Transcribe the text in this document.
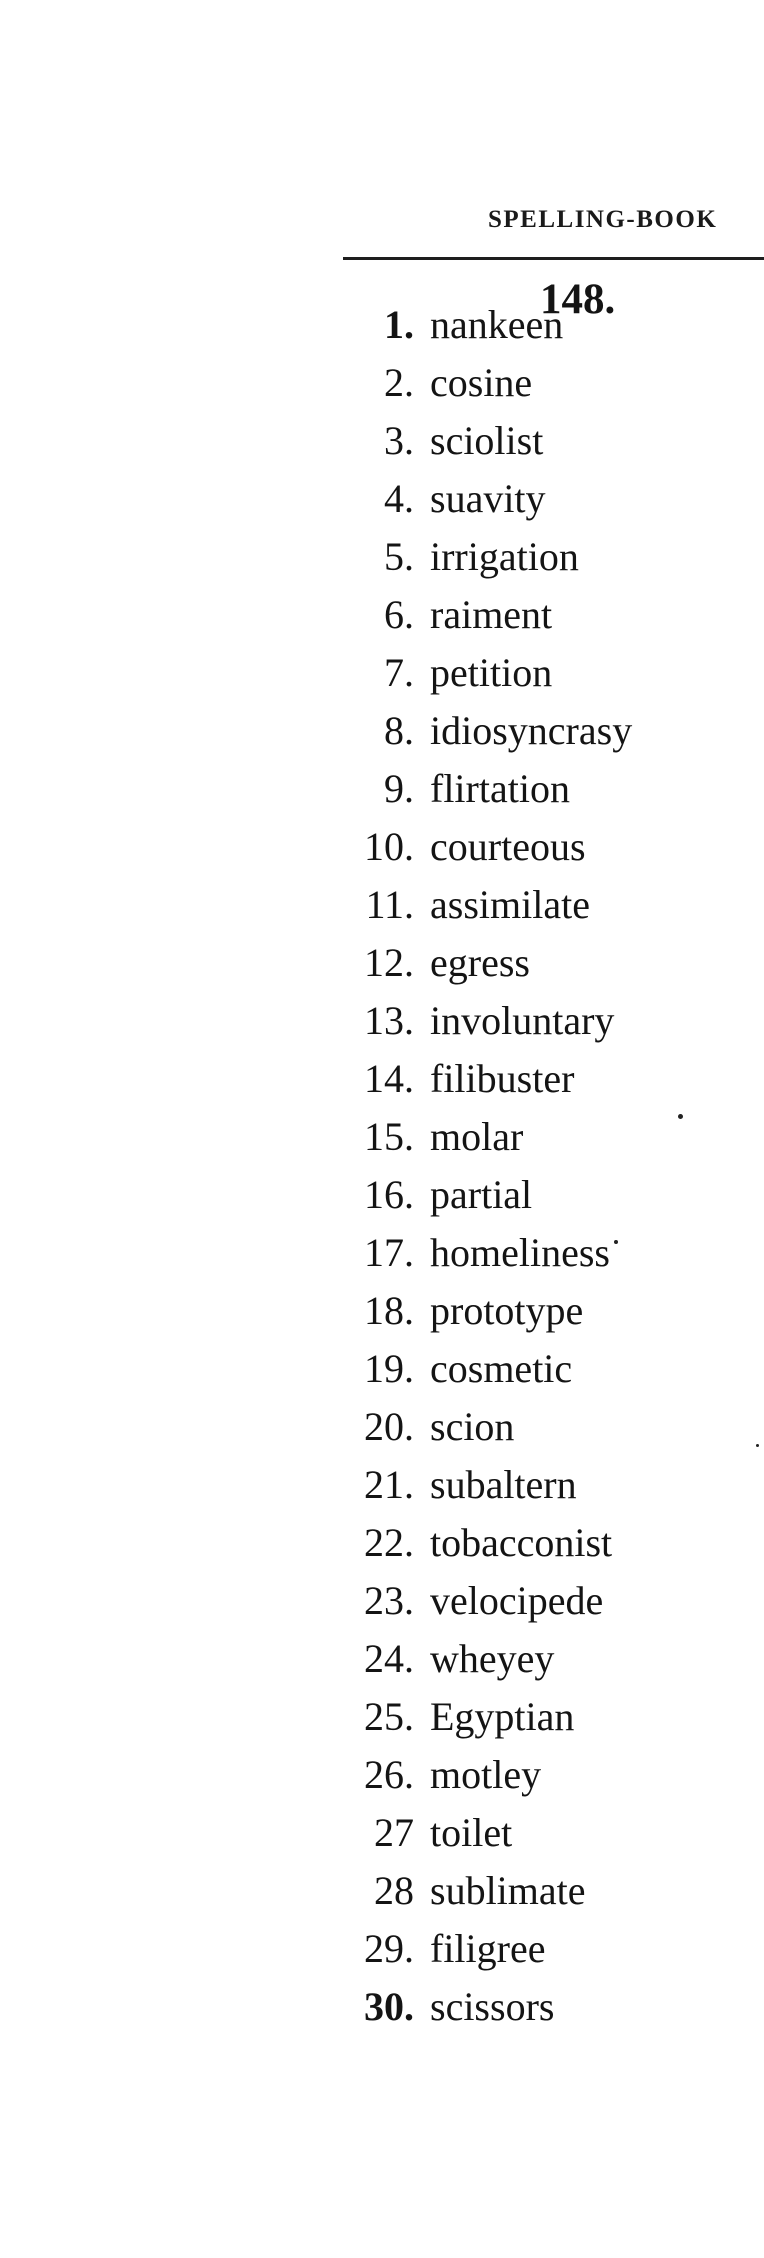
SPELLING-BOOK
148.
1. nankeen
2. cosine
3. sciolist
4. suavity
5. irrigation
6. raiment
7. petition
8. idiosyncrasy
9. flirtation
10. courteous
11. assimilate
12. egress
13. involuntary
14. filibuster
15. molar
16. partial
17. homeliness
18. prototype
19. cosmetic
20. scion
21. subaltern
22. tobacconist
23. velocipede
24. wheyey
25. Egyptian
26. motley
27 toilet
28 sublimate
29. filigree
30. scissors
